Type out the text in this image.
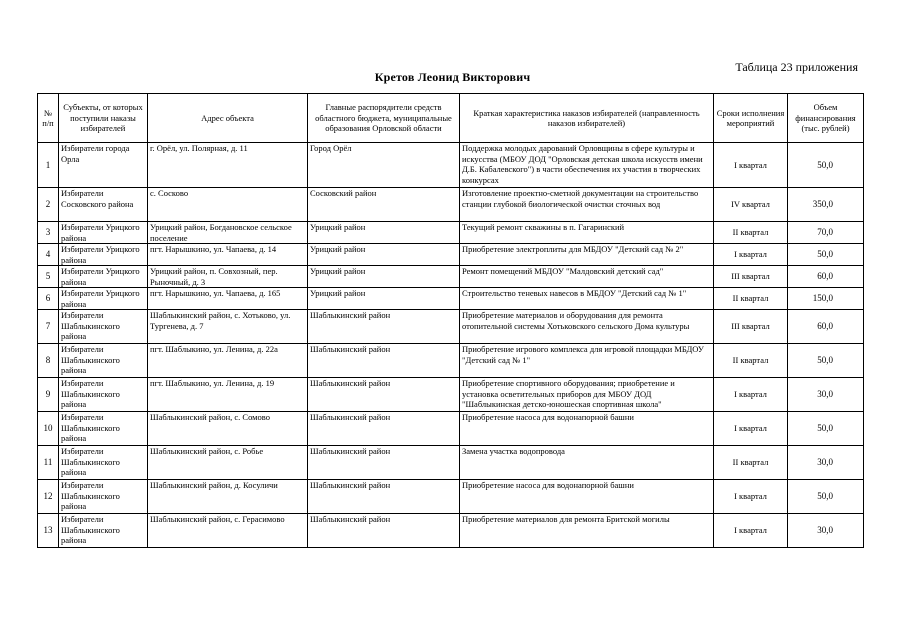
Таблица 23 приложения
Кретов Леонид Викторович
№ п/п	Субъекты, от которых поступили наказы избирателей	Адрес объекта	Главные распорядители средств областного бюджета, муниципальные образования Орловской области	Краткая характеристика наказов избирателей (направленность наказов избирателей)	Сроки исполнения мероприятий	Объем финансирования (тыс. рублей)
1	Избиратели города Орла	г. Орёл, ул. Полярная, д. 11	Город Орёл	Поддержка молодых дарований Орловщины в сфере культуры и искусства (МБОУ ДОД "Орловская детская школа искусств имени Д.Б. Кабалевского") в части обеспечения их участия в творческих конкурсах	I квартал	50,0
2	Избиратели Сосковского района	с. Сосково	Сосковский район	Изготовление проектно-сметной документации на строительство станции глубокой биологической очистки сточных вод	IV квартал	350,0
3	Избиратели Урицкого района	Урицкий район, Богдановское сельское поселение	Урицкий район	Текущий ремонт скважины в п. Гагаринский	II квартал	70,0
4	Избиратели Урицкого района	пгт. Нарышкино, ул. Чапаева, д. 14	Урицкий район	Приобретение электроплиты для МБДОУ "Детский сад № 2"	I квартал	50,0
5	Избиратели Урицкого района	Урицкий район, п. Совхозный, пер. Рыночный, д. 3	Урицкий район	Ремонт помещений МБДОУ "Малдовский детский сад"	III квартал	60,0
6	Избиратели Урицкого района	пгт. Нарышкино, ул. Чапаева, д. 165	Урицкий район	Строительство теневых навесов в МБДОУ "Детский сад № 1"	II квартал	150,0
7	Избиратели Шаблыкинского района	Шаблыкинский район, с. Хотьково, ул. Тургенева, д. 7	Шаблыкинский район	Приобретение материалов и оборудования для ремонта отопительной системы Хотьковского сельского Дома культуры	III квартал	60,0
8	Избиратели Шаблыкинского района	пгт. Шаблыкино, ул. Ленина, д. 22а	Шаблыкинский район	Приобретение игрового комплекса для игровой площадки МБДОУ "Детский сад № 1"	II квартал	50,0
9	Избиратели Шаблыкинского района	пгт. Шаблыкино, ул. Ленина, д. 19	Шаблыкинский район	Приобретение спортивного оборудования; приобретение и установка осветительных приборов для МБОУ ДОД "Шаблыкинская детско-юношеская спортивная школа"	I квартал	30,0
10	Избиратели Шаблыкинского района	Шаблыкинский район, с. Сомово	Шаблыкинский район	Приобретение насоса для водонапорной башни	I квартал	50,0
11	Избиратели Шаблыкинского района	Шаблыкинский район, с. Робье	Шаблыкинский район	Замена участка водопровода	II квартал	30,0
12	Избиратели Шаблыкинского района	Шаблыкинский район, д. Косуличи	Шаблыкинский район	Приобретение насоса для водонапорной башни	I квартал	50,0
13	Избиратели Шаблыкинского района	Шаблыкинский район, с. Герасимово	Шаблыкинский район	Приобретение материалов для ремонта Бритской могилы	I квартал	30,0
